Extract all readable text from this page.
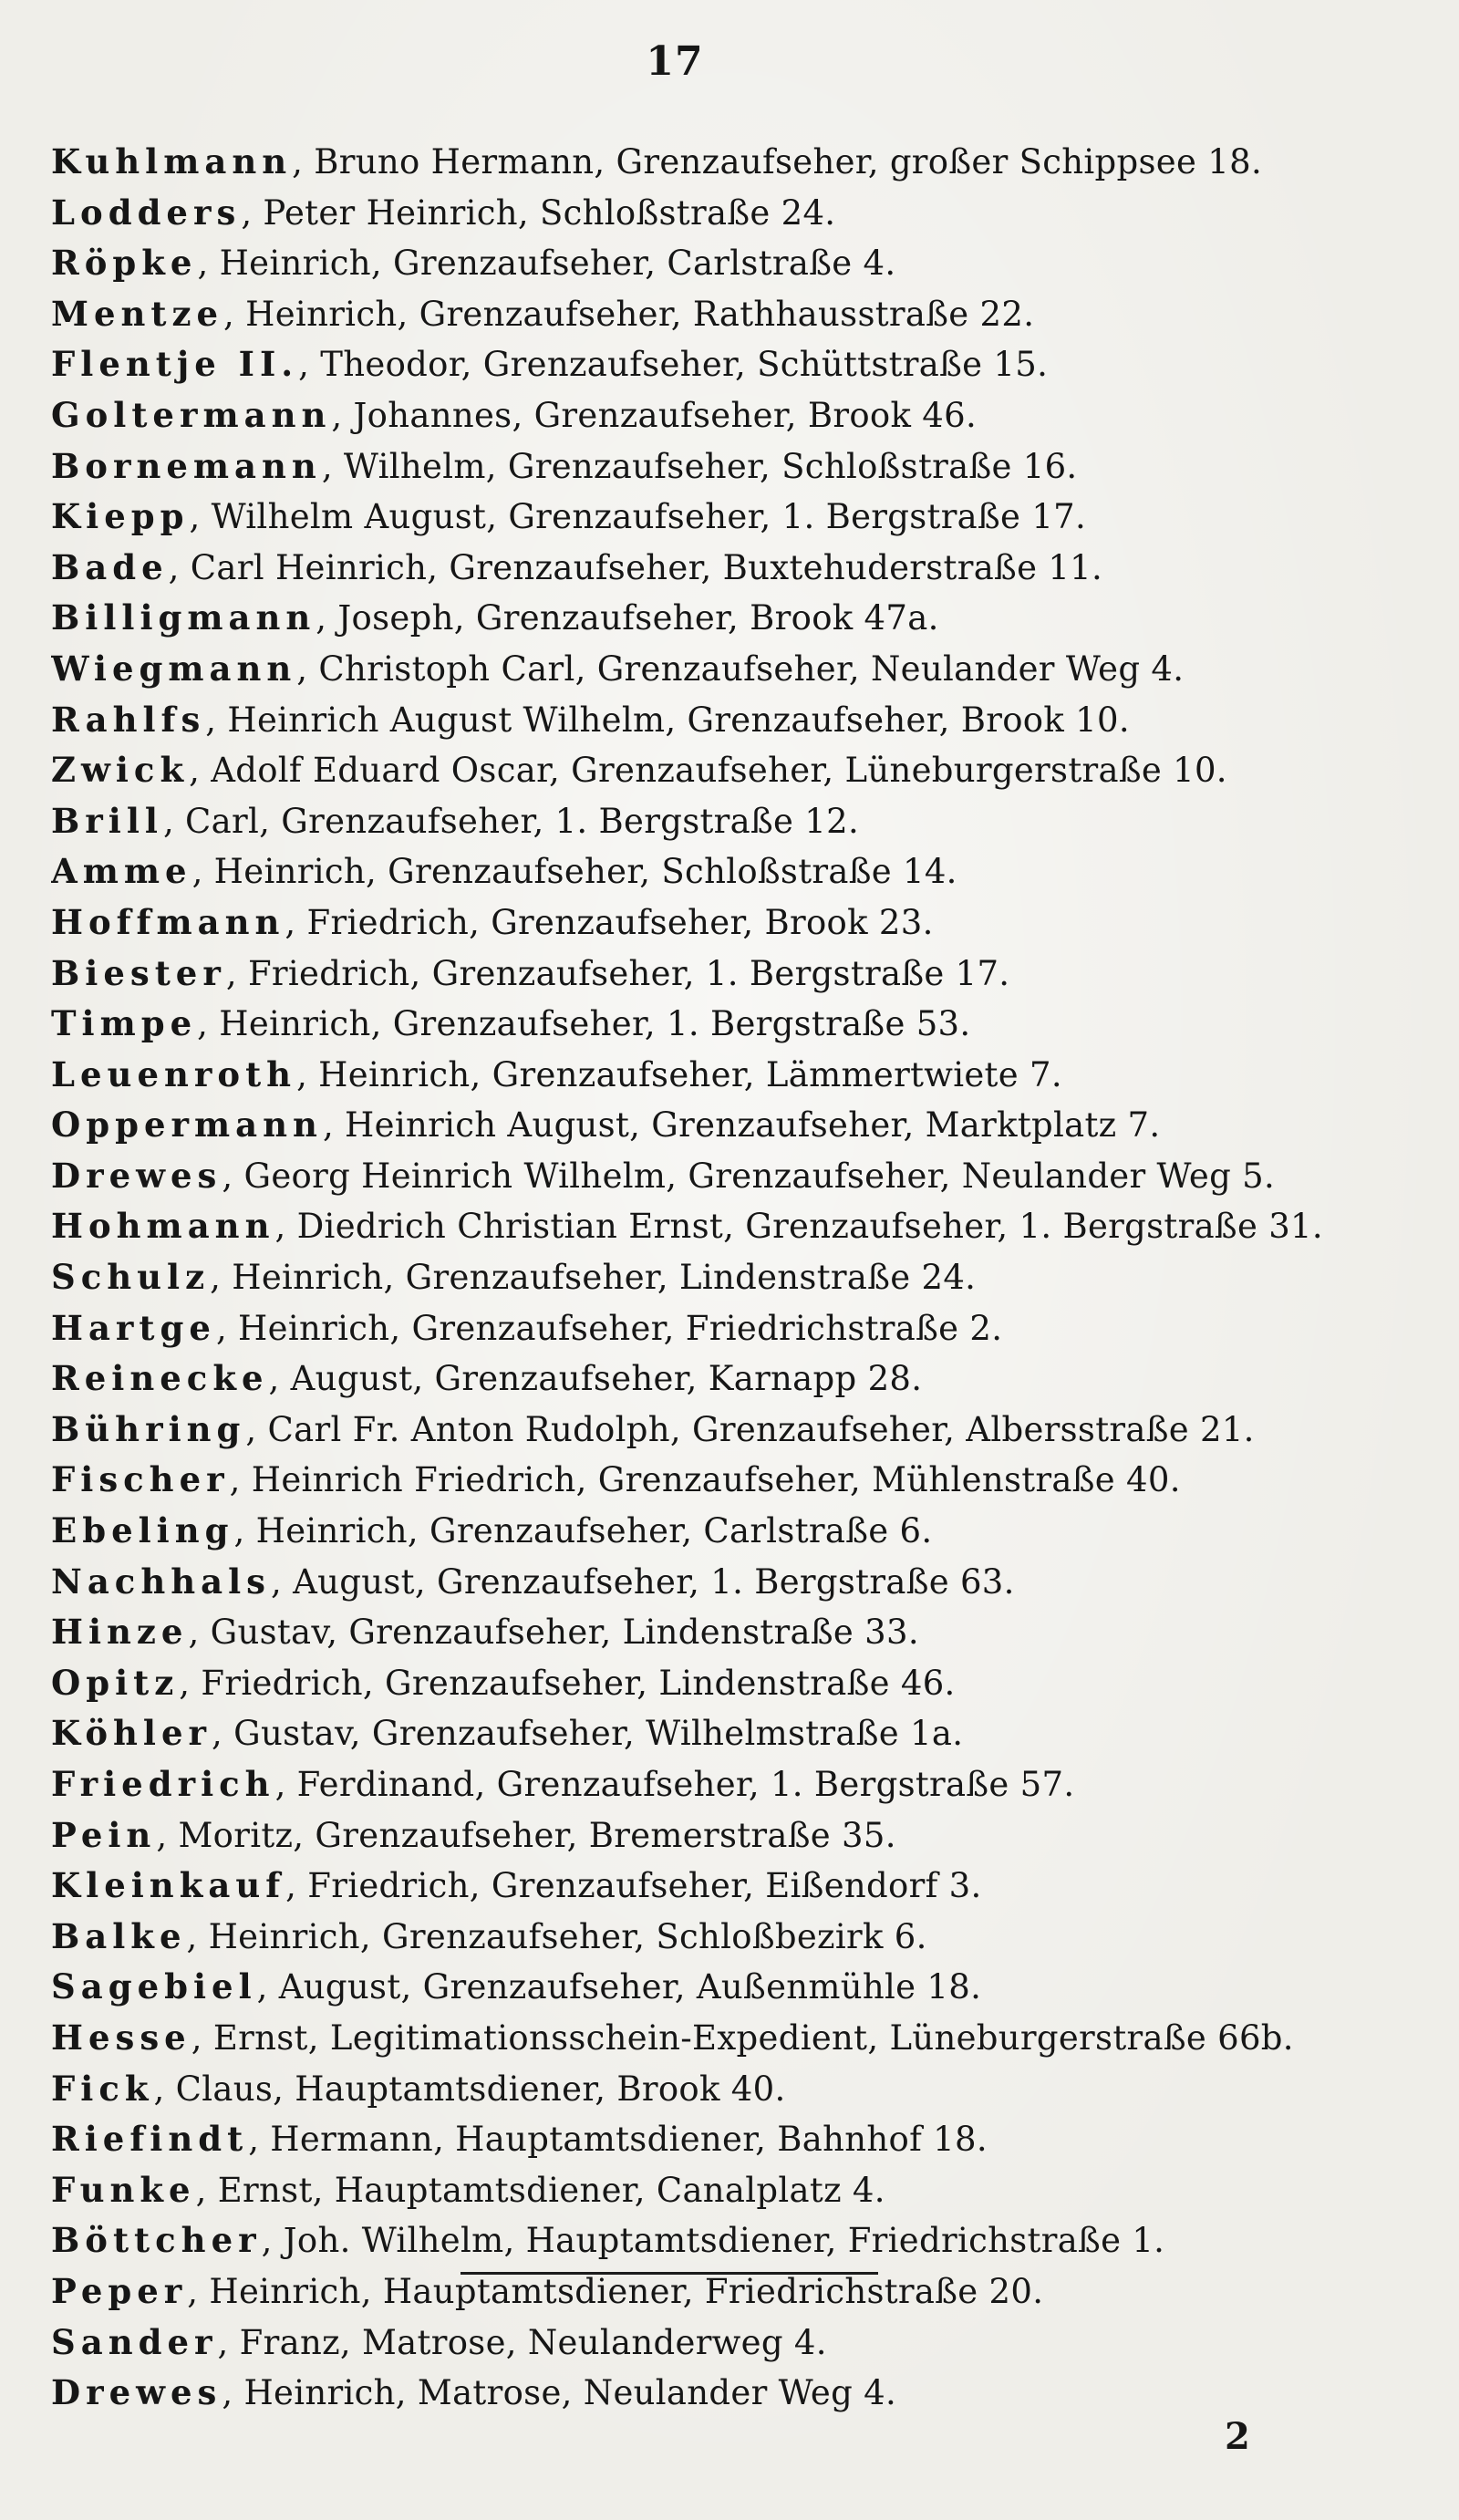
17
Kuhlmann, Bruno Hermann, Grenzaufseher, großer Schippsee 18.
Lodders, Peter Heinrich, Schloßstraße 24.
Röpke, Heinrich, Grenzaufseher, Carlstraße 4.
Mentze, Heinrich, Grenzaufseher, Rathhausstraße 22.
Flentje II., Theodor, Grenzaufseher, Schüttstraße 15.
Goltermann, Johannes, Grenzaufseher, Brook 46.
Bornemann, Wilhelm, Grenzaufseher, Schloßstraße 16.
Kiepp, Wilhelm August, Grenzaufseher, 1. Bergstraße 17.
Bade, Carl Heinrich, Grenzaufseher, Buxtehuderstraße 11.
Billigmann, Joseph, Grenzaufseher, Brook 47a.
Wiegmann, Christoph Carl, Grenzaufseher, Neulander Weg 4.
Rahlfs, Heinrich August Wilhelm, Grenzaufseher, Brook 10.
Zwick, Adolf Eduard Oscar, Grenzaufseher, Lüneburgerstraße 10.
Brill, Carl, Grenzaufseher, 1. Bergstraße 12.
Amme, Heinrich, Grenzaufseher, Schloßstraße 14.
Hoffmann, Friedrich, Grenzaufseher, Brook 23.
Biester, Friedrich, Grenzaufseher, 1. Bergstraße 17.
Timpe, Heinrich, Grenzaufseher, 1. Bergstraße 53.
Leuenroth, Heinrich, Grenzaufseher, Lämmertwiete 7.
Oppermann, Heinrich August, Grenzaufseher, Marktplatz 7.
Drewes, Georg Heinrich Wilhelm, Grenzaufseher, Neulander Weg 5.
Hohmann, Diedrich Christian Ernst, Grenzaufseher, 1. Bergstraße 31.
Schulz, Heinrich, Grenzaufseher, Lindenstraße 24.
Hartge, Heinrich, Grenzaufseher, Friedrichstraße 2.
Reinecke, August, Grenzaufseher, Karnapp 28.
Bühring, Carl Fr. Anton Rudolph, Grenzaufseher, Albersstraße 21.
Fischer, Heinrich Friedrich, Grenzaufseher, Mühlenstraße 40.
Ebeling, Heinrich, Grenzaufseher, Carlstraße 6.
Nachhals, August, Grenzaufseher, 1. Bergstraße 63.
Hinze, Gustav, Grenzaufseher, Lindenstraße 33.
Opitz, Friedrich, Grenzaufseher, Lindenstraße 46.
Köhler, Gustav, Grenzaufseher, Wilhelmstraße 1a.
Friedrich, Ferdinand, Grenzaufseher, 1. Bergstraße 57.
Pein, Moritz, Grenzaufseher, Bremerstraße 35.
Kleinkauf, Friedrich, Grenzaufseher, Eißendorf 3.
Balke, Heinrich, Grenzaufseher, Schloßbezirk 6.
Sagebiel, August, Grenzaufseher, Außenmühle 18.
Hesse, Ernst, Legitimationsschein-Expedient, Lüneburgerstraße 66b.
Fick, Claus, Hauptamtsdiener, Brook 40.
Riefindt, Hermann, Hauptamtsdiener, Bahnhof 18.
Funke, Ernst, Hauptamtsdiener, Canalplatz 4.
Böttcher, Joh. Wilhelm, Hauptamtsdiener, Friedrichstraße 1.
Peper, Heinrich, Hauptamtsdiener, Friedrichstraße 20.
Sander, Franz, Matrose, Neulanderweg 4.
Drewes, Heinrich, Matrose, Neulander Weg 4.
2
